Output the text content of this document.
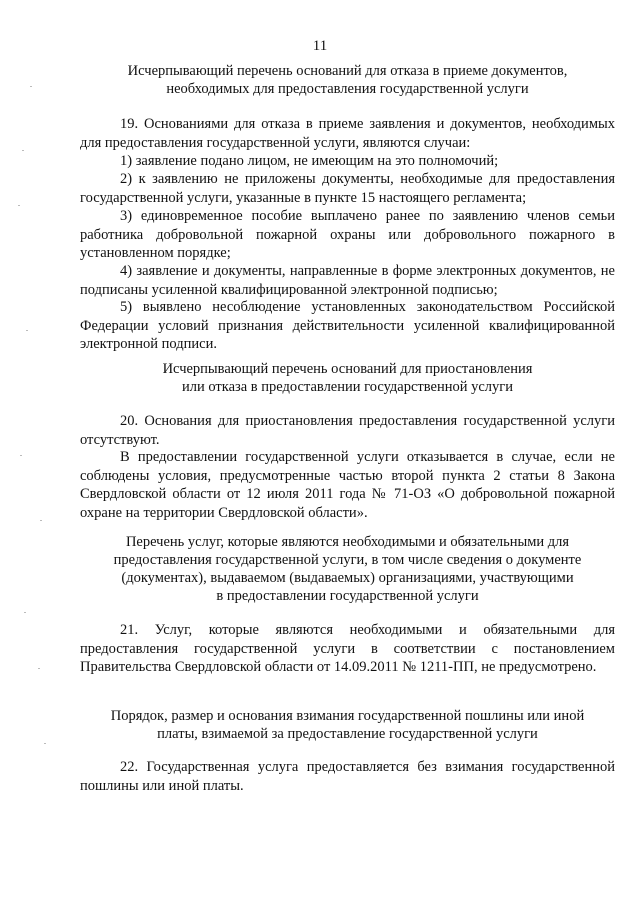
11
Исчерпывающий перечень оснований для отказа в приеме документов,
необходимых для предоставления государственной услуги
19. Основаниями для отказа в приеме заявления и документов, необходимых для предоставления государственной услуги, являются случаи:
1) заявление подано лицом, не имеющим на это полномочий;
2) к заявлению не приложены документы, необходимые для предоставления государственной услуги, указанные в пункте 15 настоящего регламента;
3) единовременное пособие выплачено ранее по заявлению членов семьи работника добровольной пожарной охраны или добровольного пожарного в установленном порядке;
4) заявление и документы, направленные в форме электронных документов, не подписаны усиленной квалифицированной электронной подписью;
5) выявлено несоблюдение установленных законодательством Российской Федерации условий признания действительности усиленной квалифицированной электронной подписи.
Исчерпывающий перечень оснований для приостановления
или отказа в предоставлении государственной услуги
20. Основания для приостановления предоставления государственной услуги отсутствуют.
В предоставлении государственной услуги отказывается в случае, если не соблюдены условия, предусмотренные частью второй пункта 2 статьи 8 Закона Свердловской области от 12 июля 2011 года № 71-ОЗ «О добровольной пожарной охране на территории Свердловской области».
Перечень услуг, которые являются необходимыми и обязательными для
предоставления государственной услуги, в том числе сведения о документе
(документах), выдаваемом (выдаваемых) организациями, участвующими
в предоставлении государственной услуги
21. Услуг, которые являются необходимыми и обязательными для предоставления государственной услуги в соответствии с постановлением Правительства Свердловской области от 14.09.2011 № 1211-ПП, не предусмотрено.
Порядок, размер и основания взимания государственной пошлины или иной
платы, взимаемой за предоставление государственной услуги
22. Государственная услуга предоставляется без взимания государственной пошлины или иной платы.
